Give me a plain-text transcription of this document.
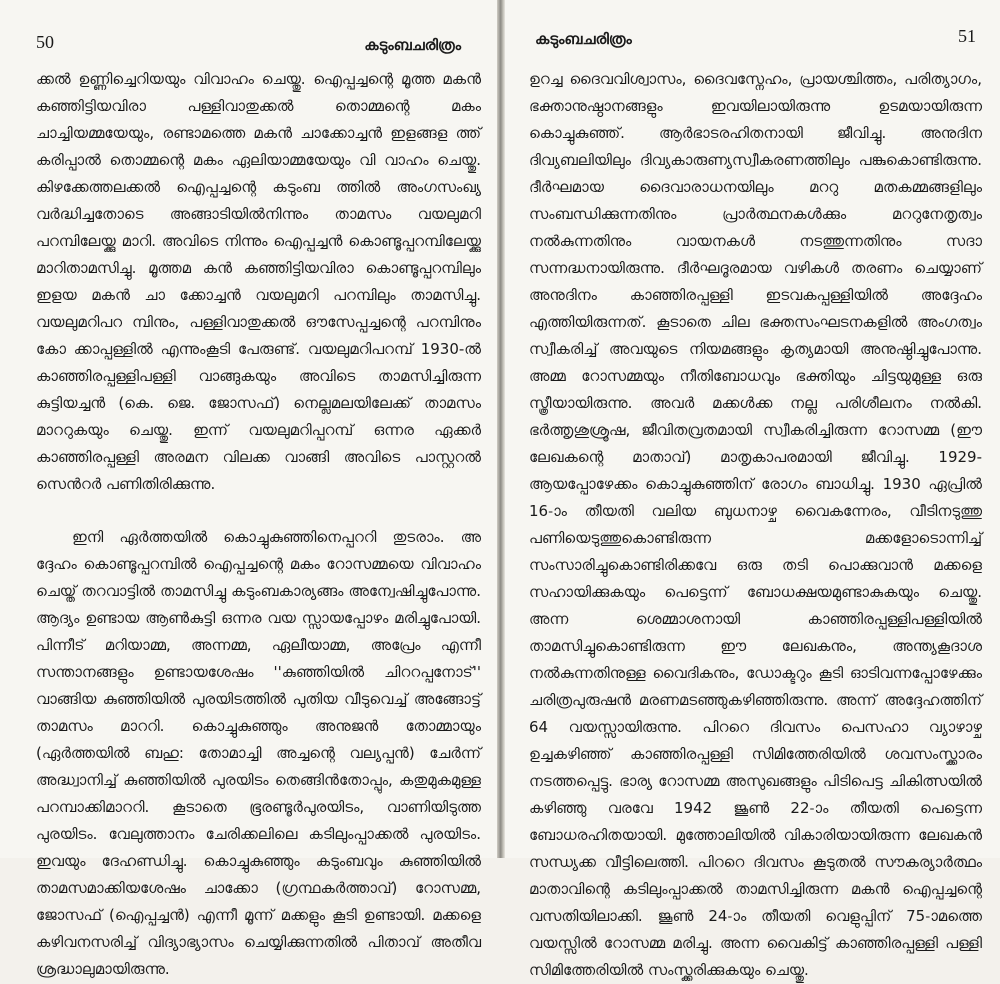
50	കടുംബചരിത്രം

ക്കൽ ഉണ്ണിച്ചെറിയയും വിവാഹം ചെയ്തു. ഐപ്പച്ചന്റെ മൂത്ത മകൻ കഞ്ഞിട്ടിയവിരാ പള്ളിവാതുക്കൽ തൊമ്മന്റെ മകം ചാച്ചിയമ്മയേയും, രണ്ടാമത്തെ മകൻ ചാക്കോച്ചൻ ഇളങ്ങള ത്ത് കരിപ്പാൽ തൊമ്മന്റെ മകം ഏലിയാമ്മയേയും വി വാഹം ചെയ്തു. കിഴക്കേത്തലക്കൽ ഐപ്പച്ചന്റെ കടുംബ ത്തിൽ അംഗസംഖ്യ വർദ്ധിച്ചതോടെ അങ്ങാടിയിൽനിന്നും താമസം വയലുമറി പറമ്പിലേയ്ക്കു മാറി. അവിടെ നിന്നും ഐപ്പച്ചൻ കൊണ്ടൂപ്പറമ്പിലേയ്ക്കു മാറിതാമസിച്ചു. മൂത്തമ കൻ കഞ്ഞിട്ടിയവിരാ കൊണ്ടൂപ്പറമ്പിലും ഇളയ മകൻ ചാ ക്കോച്ചൻ വയലുമറി പറമ്പിലും താമസിച്ചു. വയലുമറിപറ മ്പിനും, പള്ളിവാതുക്കൽ ഔസേപ്പച്ചന്റെ പറമ്പിനും കോ ക്കാപ്പള്ളിൽ എന്നുംകൂടി പേരുണ്ട്. വയലുമറിപറമ്പ് 1930-ൽ കാഞ്ഞിരപ്പള്ളിപള്ളി വാങ്ങുകയും അവിടെ താമസിച്ചിരുന്ന കുട്ടിയച്ചൻ (കെ. ജെ. ജോസഫ്) നെല്ലമലയിലേക്ക് താമസം മാററുകയും ചെയ്തു. ഇന്ന് വയലുമറിപ്പറമ്പ് ഒന്നര ഏക്കർ കാഞ്ഞിരപ്പള്ളി അരമന വിലക്ക വാങ്ങി അവിടെ പാസ്റ്ററൽ സെൻറർ പണിതിരിക്കുന്നു.

ഇനി ഏർത്തയിൽ കൊച്ചുകുഞ്ഞിനെപ്പററി തുടരാം. അ ദ്ദേഹം കൊണ്ടൂപ്പറമ്പിൽ ഐപ്പച്ചന്റെ മകം റോസമ്മയെ വിവാഹം ചെയ്ത് തറവാട്ടിൽ താമസിച്ചു കടുംബകാര്യങ്ങം അന്വേഷിച്ചുപോന്നു. ആദ്യം ഉണ്ടായ ആൺകുട്ടി ഒന്നര വയ സ്സായപ്പോഴം മരിച്ചുപോയി. പിന്നീട് മറിയാമ്മ, അന്നമ്മ, ഏലീയാമ്മ, അപ്രേം എന്നീ സന്താനങ്ങളും ഉണ്ടായശേഷം ''കുഞ്ഞിയിൽ ചിററപ്പനോട്'' വാങ്ങിയ കുഞ്ഞിയിൽ പുരയിടത്തിൽ പുതിയ വീടുവെച്ച് അങ്ങോട്ട് താമസം മാററി. കൊച്ചുകുഞ്ഞും അനുജൻ തോമ്മായും (ഏർത്തയിൽ ബഹു: തോമാച്ചി അച്ചന്റെ വല്യപ്പൻ) ചേർന്ന് അദ്ധ്വാനിച്ച് കുഞ്ഞിയിൽ പുരയിടം തെങ്ങിൻതോപ്പും, കതുമുകമുള്ള പറമ്പാക്കിമാററി. കൂടാതെ ഭൂരണ്ടൂർപുരയിടം, വാണിയിടുത്ത പുരയിടം. വേലുത്താനം ചേരിക്കലിലെ കടിലുംപ്പാക്കൽ പുരയിടം. ഇവയും ദേഹണ്ഡിച്ചു. കൊച്ചുകുഞ്ഞും കടുംബവും കുഞ്ഞിയിൽ താമസമാക്കിയശേഷം ചാക്കോ (ഗ്രന്ഥകർത്താവ്) റോസമ്മ, ജോസഫ് (ഐപ്പച്ചൻ) എന്നീ മൂന്ന് മക്കളും കൂടി ഉണ്ടായി. മക്കളെ കഴിവനസരിച്ച് വിദ്യാഭ്യാസം ചെയ്യിക്കുന്നതിൽ പിതാവ് അതീവ ശ്രദ്ധാലുമായിരുന്നു.

കടുംബചരിത്രം	51

ഉറച്ച ദൈവവിശ്വാസം, ദൈവസ്നേഹം, പ്രായശ്ചിത്തം, പരിത്യാഗം, ഭക്താനുഷ്ഠാനങ്ങളും ഇവയിലായിരുന്നു ഉടമയായിരുന്ന കൊച്ചുകുഞ്ഞ്. ആർഭാടരഹിതനായി ജീവിച്ചു. അനുദിന ദിവ്യബലിയിലും ദിവ്യകാരുണ്യസ്വീകരണത്തിലും പങ്കുകൊണ്ടിരുന്നു. ദീർഘമായ ദൈവാരാധനയിലും മററു മതകമ്മങ്ങളിലും സംബന്ധിക്കുന്നതിനും പ്രാർത്ഥനകൾക്കും മററുനേതൃത്വം നൽകുന്നതിനും വായനകൾ നടത്തുന്നതിനും സദാ സന്നദ്ധനായിരുന്നു. ദീർഘദൂരമായ വഴികൾ തരണം ചെയ്യാണ് അനുദിനം കാഞ്ഞിരപ്പള്ളി ഇടവകപ്പള്ളിയിൽ അദ്ദേഹം എത്തിയിരുന്നത്. കൂടാതെ ചില ഭക്തസംഘടനകളിൽ അംഗത്വം സ്വീകരിച്ച് അവയുടെ നിയമങ്ങളും കൃത്യമായി അനുഷ്ഠിച്ചുപോന്നു. അമ്മ റോസമ്മയും നീതിബോധവും ഭക്തിയും ചിട്ടയുമുള്ള ഒരു സ്ത്രീയായിരുന്നു. അവർ മക്കൾക്ക നല്ല പരിശീലനം നൽകി. ഭർത്തൃശുശ്രൂഷ, ജീവിതവ്രതമായി സ്വീകരിച്ചിരുന്ന റോസമ്മ (ഈ ലേഖകന്റെ മാതാവ്) മാതൃകാപരമായി ജീവിച്ചു. 1929-ആയപ്പോഴേക്കം കൊച്ചുകുഞ്ഞിന് രോഗം ബാധിച്ചു. 1930 ഏപ്രിൽ 16-ാം തീയതി വലിയ ബുധനാഴ്ച വൈകന്നേരം, വീടിനടുത്തു പണിയെടുത്തുകൊണ്ടിരുന്ന മക്കളോടൊന്നിച്ച് സംസാരിച്ചുകൊണ്ടിരിക്കവേ ഒരു തടി പൊക്കുവാൻ മക്കളെ സഹായിക്കുകയും പെട്ടെന്ന് ബോധക്ഷയമുണ്ടാകുകയും ചെയ്തു. അന്ന ശെമ്മാശനായി കാഞ്ഞിരപ്പള്ളിപള്ളിയിൽ താമസിച്ചുകൊണ്ടിരുന്ന ഈ ലേഖകനും, അന്ത്യകൂദാശ നൽകുന്നതിനുള്ള വൈദികനും, ഡോക്ടറും കൂടി ഓടിവന്നപ്പോഴേക്കും ചരിത്രപുരുഷൻ മരണമടഞ്ഞുകഴിഞ്ഞിരുന്നു. അന്ന് അദ്ദേഹത്തിന് 64 വയസ്സായിരുന്നു. പിററെ ദിവസം പെസഹാ വ്യാഴാഴ്ച ഉച്ചകഴിഞ്ഞ് കാഞ്ഞിരപ്പള്ളി സിമിത്തേരിയിൽ ശവസംസ്ക്കാരം നടത്തപ്പെട്ടു. ഭാര്യ റോസമ്മ അസുഖങ്ങളും പിടിപെട്ട ചികിത്സയിൽ കഴിഞ്ഞു വരവേ 1942 ജൂൺ 22-ാം തീയതി പെട്ടെന്ന ബോധരഹിതയായി. മുത്തോലിയിൽ വികാരിയായിരുന്ന ലേഖകൻ സന്ധ്യക്ക വീട്ടിലെത്തി. പിററെ ദിവസം കൂടുതൽ സൗകര്യാർത്ഥം മാതാവിന്റെ കടിലുംപ്പാക്കൽ താമസിച്ചിരുന്ന മകൻ ഐപ്പച്ചന്റെ വസതിയിലാക്കി. ജൂൺ 24-ാം തീയതി വെളുപ്പിന് 75-ാമത്തെ വയസ്സിൽ റോസമ്മ മരിച്ചു. അന്ന വൈകിട്ട് കാഞ്ഞിരപ്പള്ളി പള്ളി സിമിത്തേരിയിൽ സംസ്ക്കരിക്കുകയും ചെയ്തു.
